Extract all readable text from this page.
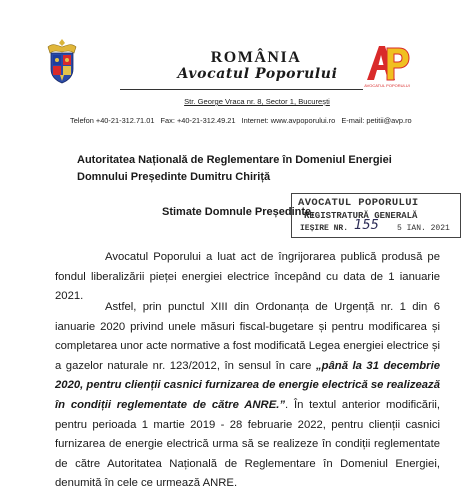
ROMÂNIA
Avocatul Poporului
Str. George Vraca nr. 8, Sector 1, București
Telefon +40-21-312.71.01 Fax: +40-21-312.49.21 Internet: www.avpoporului.ro E-mail: petitii@avp.ro
AVOCATUL POPORULUI
Autoritatea Națională de Reglementare în Domeniul Energiei
Domnului Președinte Dumitru Chiriță
AVOCATUL POPORULUI
REGISTRATURĂ GENERALĂ
IEȘIRE NR. 155 5 IAN. 2021
Stimate Domnule Președinte,
Avocatul Poporului a luat act de îngrijorarea publică produsă pe fondul liberalizării pieței energiei electrice începând cu data de 1 ianuarie 2021.
Astfel, prin punctul XIII din Ordonanța de Urgență nr. 1 din 6 ianuarie 2020 privind unele măsuri fiscal-bugetare și pentru modificarea și completarea unor acte normative a fost modificată Legea energiei electrice și a gazelor naturale nr. 123/2012, în sensul în care „până la 31 decembrie 2020, pentru clienții casnici furnizarea de energie electrică se realizează în condiții reglementate de către ANRE.”. În textul anterior modificării, pentru perioada 1 martie 2019 - 28 februarie 2022, pentru clienții casnici furnizarea de energie electrică urma să se realizeze în condiții reglementate de către Autoritatea Națională de Reglementare în Domeniul Energiei, denumită în cele ce urmează ANRE.
